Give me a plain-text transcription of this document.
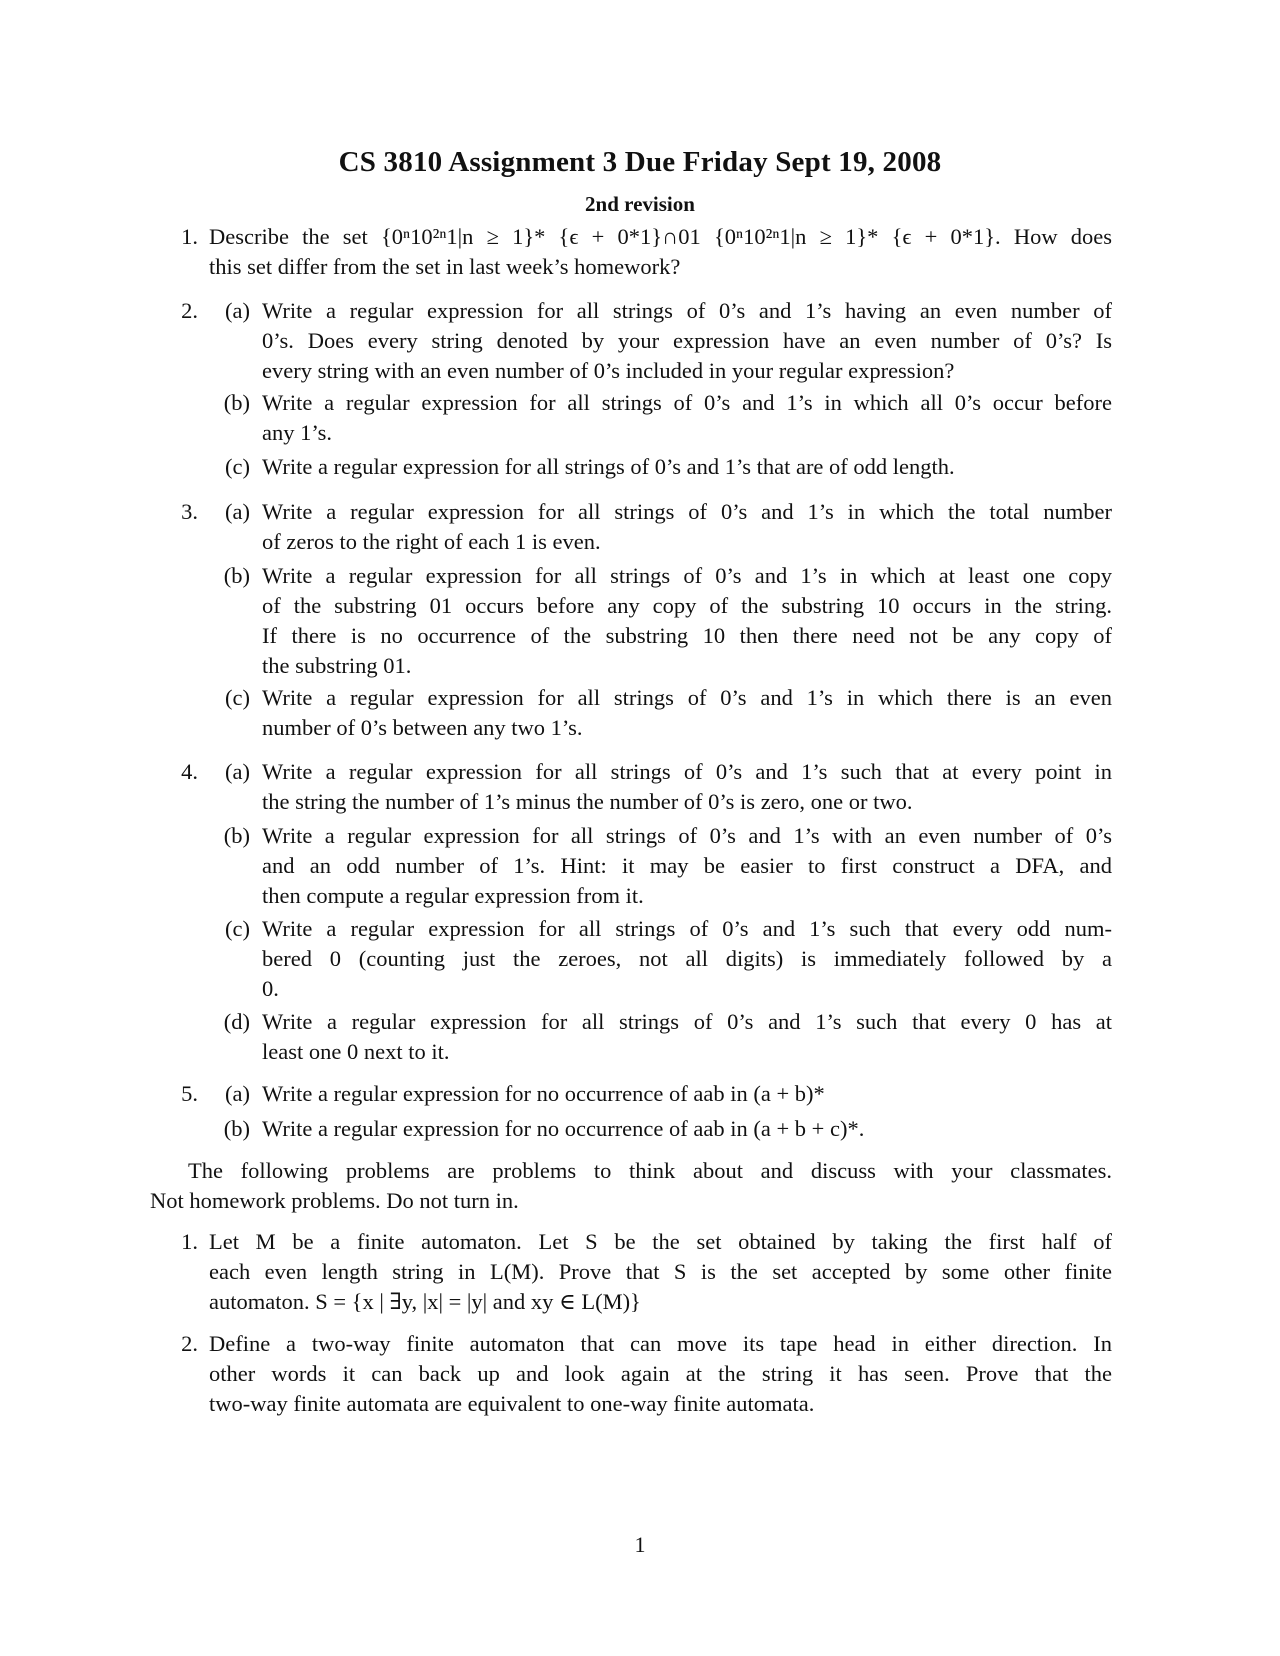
CS 3810 Assignment 3 Due Friday Sept 19, 2008
2nd revision
1. Describe the set {0ⁿ10²ⁿ1|n ≥ 1}* {ϵ + 0*1}∩01 {0ⁿ10²ⁿ1|n ≥ 1}* {ϵ + 0*1}. How does
this set differ from the set in last week’s homework?
2.	(a) Write a regular expression for all strings of 0’s and 1’s having an even number of
0’s. Does every string denoted by your expression have an even number of 0’s? Is
every string with an even number of 0’s included in your regular expression?
(b) Write a regular expression for all strings of 0’s and 1’s in which all 0’s occur before
any 1’s.
(c) Write a regular expression for all strings of 0’s and 1’s that are of odd length.
3.	(a) Write a regular expression for all strings of 0’s and 1’s in which the total number
of zeros to the right of each 1 is even.
(b) Write a regular expression for all strings of 0’s and 1’s in which at least one copy
of the substring 01 occurs before any copy of the substring 10 occurs in the string.
If there is no occurrence of the substring 10 then there need not be any copy of
the substring 01.
(c) Write a regular expression for all strings of 0’s and 1’s in which there is an even
number of 0’s between any two 1’s.
4.	(a) Write a regular expression for all strings of 0’s and 1’s such that at every point in
the string the number of 1’s minus the number of 0’s is zero, one or two.
(b) Write a regular expression for all strings of 0’s and 1’s with an even number of 0’s
and an odd number of 1’s. Hint: it may be easier to first construct a DFA, and
then compute a regular expression from it.
(c) Write a regular expression for all strings of 0’s and 1’s such that every odd num-
bered 0 (counting just the zeroes, not all digits) is immediately followed by a
0.
(d) Write a regular expression for all strings of 0’s and 1’s such that every 0 has at
least one 0 next to it.
5.	(a) Write a regular expression for no occurrence of aab in (a + b)*
(b) Write a regular expression for no occurrence of aab in (a + b + c)*.
The following problems are problems to think about and discuss with your classmates.
Not homework problems. Do not turn in.
1. Let M be a finite automaton. Let S be the set obtained by taking the first half of
each even length string in L(M). Prove that S is the set accepted by some other finite
automaton. S = {x | ∃y, |x| = |y| and xy ∈ L(M)}
2. Define a two-way finite automaton that can move its tape head in either direction. In
other words it can back up and look again at the string it has seen. Prove that the
two-way finite automata are equivalent to one-way finite automata.
1
